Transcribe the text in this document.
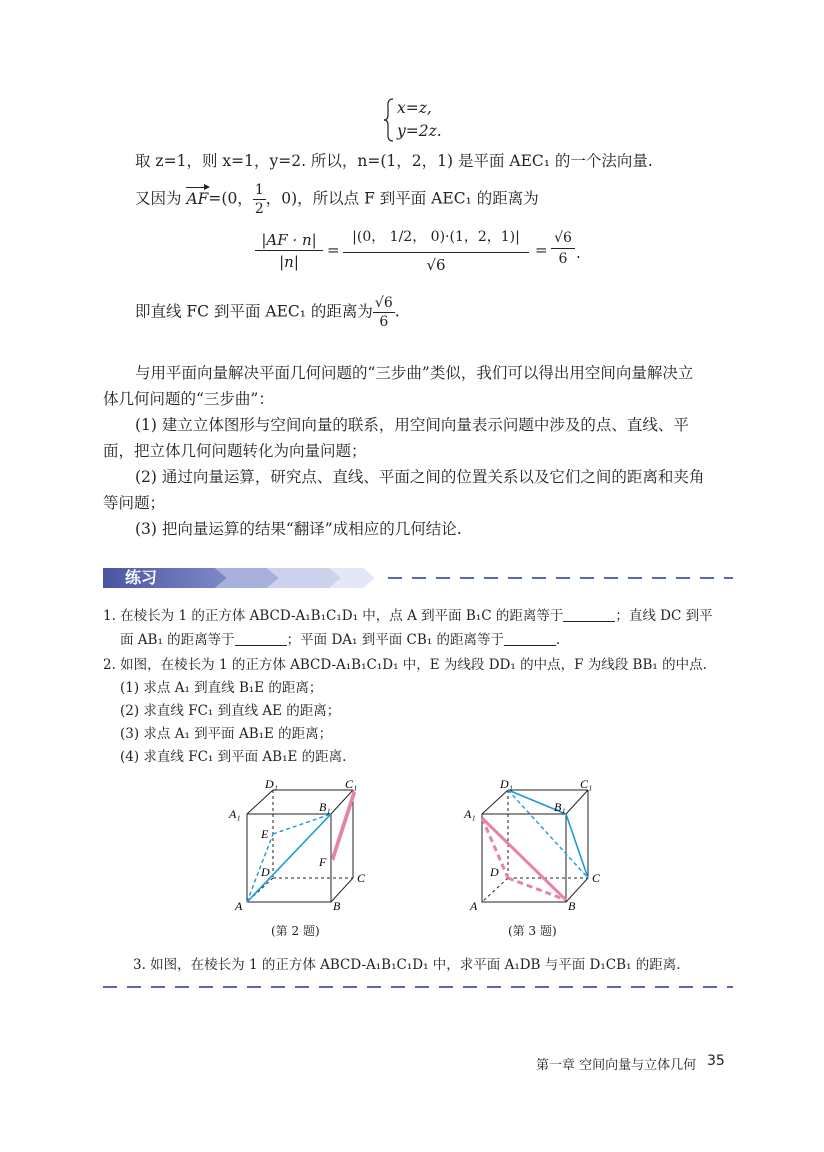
x=z,
y=2z.
取 z=1，则 x=1，y=2. 所以，n=(1，2，1) 是平面 AEC₁ 的一个法向量.
又因为 AF=(0， $\frac{1}{2}$ ，0)，所以点 F 到平面 AEC₁ 的距离为
$\frac{|AF \cdot n|}{|n|} = \frac{|(0, 1/2, 0)\cdot(1,2,1)|}{√6} = \frac{√6}{6}$ .
即直线 FC 到平面 AEC₁ 的距离为 $\frac{√6}{6}$ .
与用平面向量解决平面几何问题的“三步曲”类似，我们可以得出用空间向量解决立
体几何问题的“三步曲”：
(1) 建立立体图形与空间向量的联系，用空间向量表示问题中涉及的点、直线、平
面，把立体几何问题转化为向量问题；
(2) 通过向量运算，研究点、直线、平面之间的位置关系以及它们之间的距离和夹角
等问题；
(3) 把向量运算的结果“翻译”成相应的几何结论.
练习
1. 在棱长为 1 的正方体 ABCD-A₁B₁C₁D₁ 中，点 A 到平面 B₁C 的距离等于	；直线 DC 到平
面 AB₁ 的距离等于	；平面 DA₁ 到平面 CB₁ 的距离等于	.
2. 如图，在棱长为 1 的正方体 ABCD-A₁B₁C₁D₁ 中，E 为线段 DD₁ 的中点，F 为线段 BB₁ 的中点.
(1) 求点 A₁ 到直线 B₁E 的距离；
(2) 求直线 FC₁ 到直线 AE 的距离；
(3) 求点 A₁ 到平面 AB₁E 的距离；
(4) 求直线 FC₁ 到平面 AB₁E 的距离.
D₁	C₁
A₁	B₁
E
F
D	C
A	B
(第 2 题)
D₁	C₁
A₁	B₁
D	C
A	B
(第 3 题)
3. 如图，在棱长为 1 的正方体 ABCD-A₁B₁C₁D₁ 中，求平面 A₁DB 与平面 D₁CB₁ 的距离.
第一章 空间向量与立体几何 35
